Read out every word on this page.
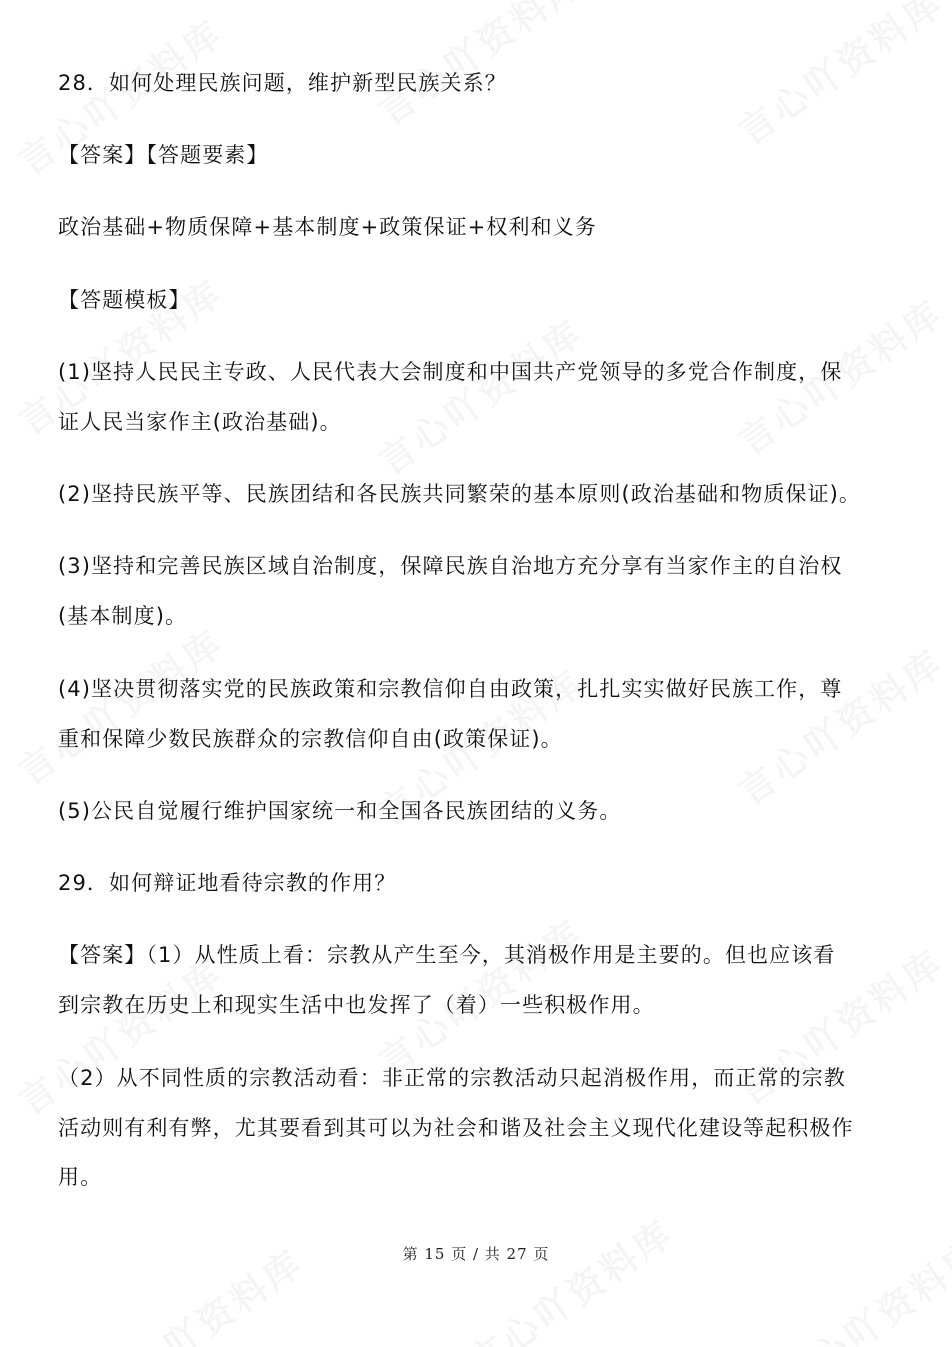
28．如何处理民族问题，维护新型民族关系？
【答案】【答题要素】
政治基础+物质保障+基本制度+政策保证+权利和义务
【答题模板】
(1)坚持人民民主专政、人民代表大会制度和中国共产党领导的多党合作制度，保
证人民当家作主(政治基础)。
(2)坚持民族平等、民族团结和各民族共同繁荣的基本原则(政治基础和物质保证)。
(3)坚持和完善民族区域自治制度，保障民族自治地方充分享有当家作主的自治权
(基本制度)。
(4)坚决贯彻落实党的民族政策和宗教信仰自由政策，扎扎实实做好民族工作，尊
重和保障少数民族群众的宗教信仰自由(政策保证)。
(5)公民自觉履行维护国家统一和全国各民族团结的义务。
29．如何辩证地看待宗教的作用？
【答案】（1）从性质上看：宗教从产生至今，其消极作用是主要的。但也应该看
到宗教在历史上和现实生活中也发挥了（着）一些积极作用。
（2）从不同性质的宗教活动看：非正常的宗教活动只起消极作用，而正常的宗教
活动则有利有弊，尤其要看到其可以为社会和谐及社会主义现代化建设等起积极作
用。
第 15 页 / 共 27 页
